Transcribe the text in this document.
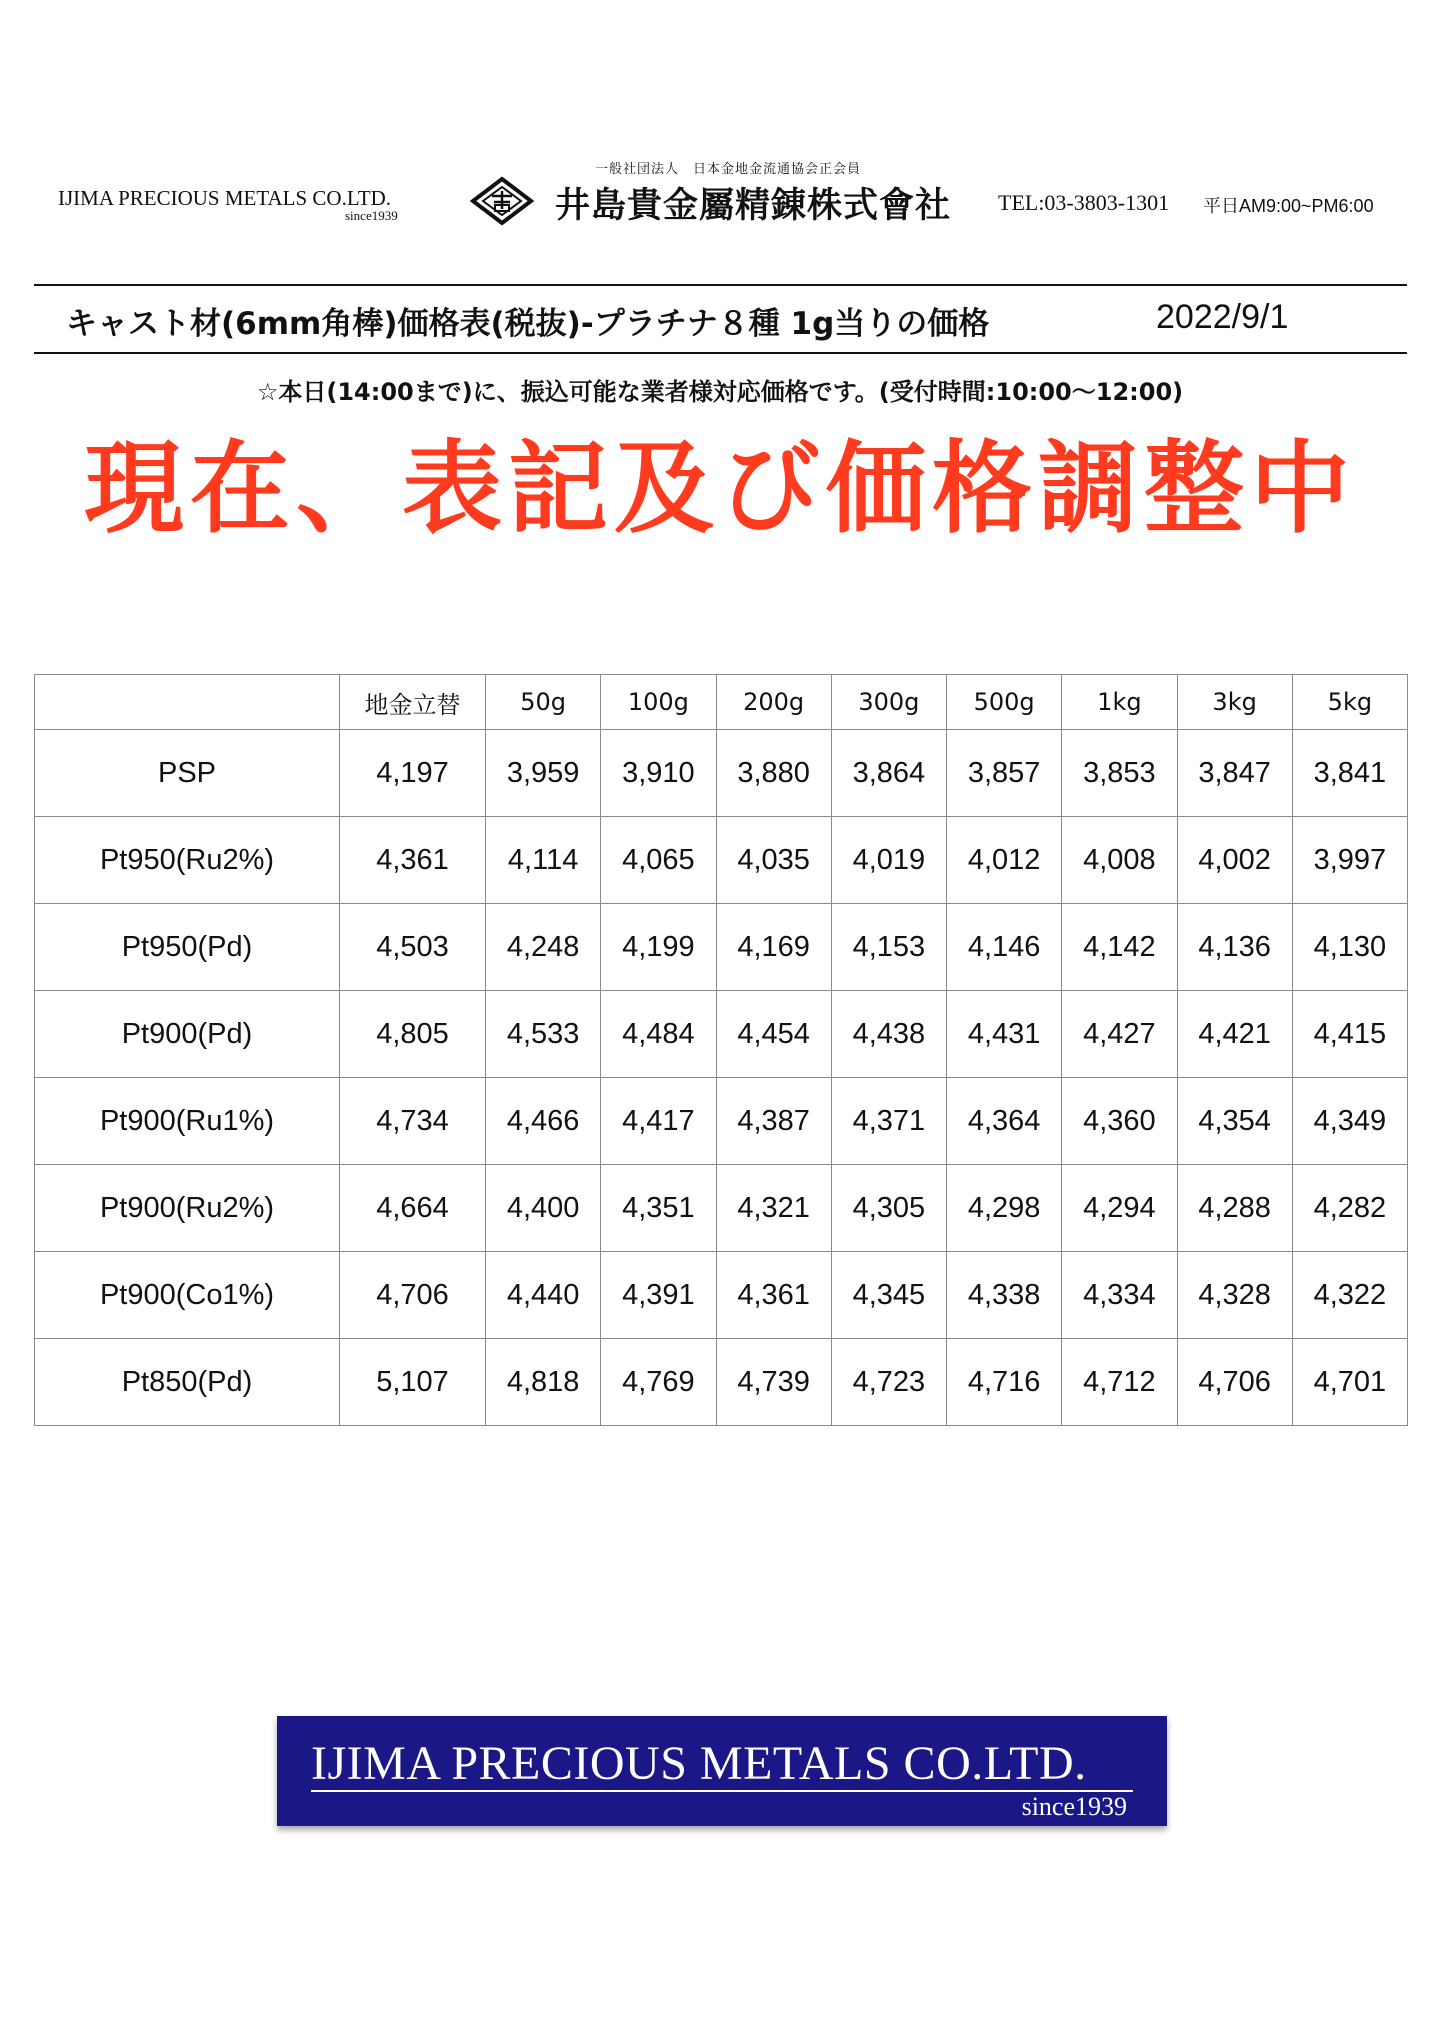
IJIMA PRECIOUS METALS CO.LTD.
since1939
一般社団法人　日本金地金流通協会正会員
井島貴金屬精錬株式會社 TEL:03-3803-1301 平日AM9:00~PM6:00
キャスト材(6mm角棒)価格表(税抜)-プラチナ８種 1g当りの価格	2022/9/1
☆本日(14:00まで)に、振込可能な業者様対応価格です。(受付時間:10:00～12:00)
現在、表記及び価格調整中
	地金立替	50g	100g	200g	300g	500g	1kg	3kg	5kg
PSP	4,197	3,959	3,910	3,880	3,864	3,857	3,853	3,847	3,841
Pt950(Ru2%)	4,361	4,114	4,065	4,035	4,019	4,012	4,008	4,002	3,997
Pt950(Pd)	4,503	4,248	4,199	4,169	4,153	4,146	4,142	4,136	4,130
Pt900(Pd)	4,805	4,533	4,484	4,454	4,438	4,431	4,427	4,421	4,415
Pt900(Ru1%)	4,734	4,466	4,417	4,387	4,371	4,364	4,360	4,354	4,349
Pt900(Ru2%)	4,664	4,400	4,351	4,321	4,305	4,298	4,294	4,288	4,282
Pt900(Co1%)	4,706	4,440	4,391	4,361	4,345	4,338	4,334	4,328	4,322
Pt850(Pd)	5,107	4,818	4,769	4,739	4,723	4,716	4,712	4,706	4,701
IJIMA PRECIOUS METALS CO.LTD.
since1939
